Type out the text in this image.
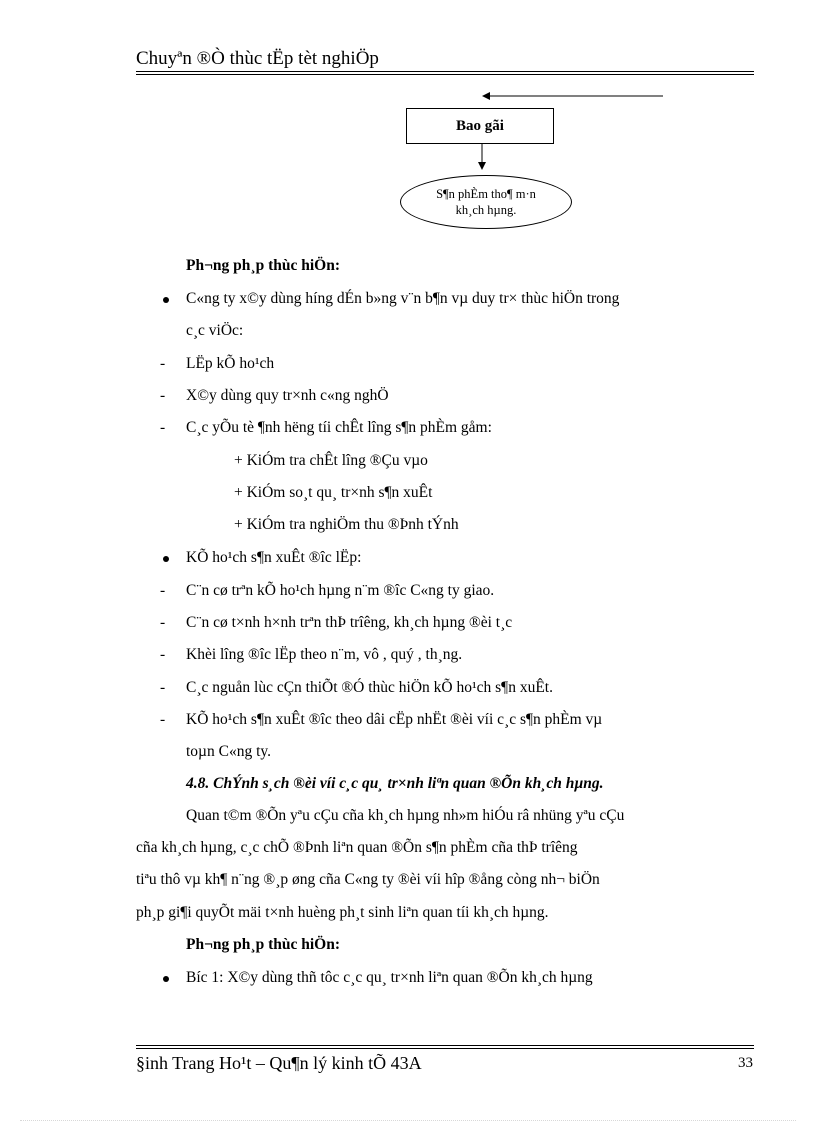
Chuyªn ®Ò thùc tËp tèt nghiÖp
Bao gãi
S¶n phÈm tho¶ m·n kh¸ch hµng.
Ph¬ng ph¸p thùc hiÖn:
C«ng ty x©y dùng híng dÉn b»ng v¨n b¶n vµ duy tr× thùc hiÖn trong
c¸c viÖc:
- LËp kÕ ho¹ch
- X©y dùng quy tr×nh c«ng nghÖ
- C¸c yÕu tè ¶nh hëng tíi chÊt lîng s¶n phÈm gåm:
+ KiÓm tra chÊt lîng ®Çu vµo
+ KiÓm so¸t qu¸ tr×nh s¶n xuÊt
+ KiÓm tra nghiÖm thu ®Þnh tÝnh
KÕ ho¹ch s¶n xuÊt ®îc lËp:
- C¨n cø trªn kÕ ho¹ch hµng n¨m ®îc C«ng ty giao.
- C¨n cø t×nh h×nh trªn thÞ trîêng, kh¸ch hµng ®èi t¸c
- Khèi lîng ®îc lËp theo n¨m, vô , quý , th¸ng.
- C¸c nguån lùc cÇn thiÕt ®Ó thùc hiÖn kÕ ho¹ch s¶n xuÊt.
- KÕ ho¹ch s¶n xuÊt ®îc theo dâi cËp nhËt ®èi víi c¸c s¶n phÈm vµ
toµn C«ng ty.
4.8. ChÝnh s¸ch ®èi víi c¸c qu¸ tr×nh liªn quan ®Õn kh¸ch hµng.
Quan t©m ®Õn yªu cÇu cña kh¸ch hµng nh»m hiÓu râ nhüng yªu cÇu
cña kh¸ch hµng, c¸c chÕ ®Þnh liªn quan ®Õn s¶n phÈm cña thÞ trîêng
tiªu thô vµ kh¶ n¨ng ®¸p øng cña C«ng ty ®èi víi hîp ®ång còng nh¬ biÖn
ph¸p gi¶i quyÕt mäi t×nh huèng ph¸t sinh liªn quan tíi kh¸ch hµng.
Ph¬ng ph¸p thùc hiÖn:
Bíc 1: X©y dùng thñ tôc c¸c qu¸ tr×nh liªn quan ®Õn kh¸ch hµng
§inh Trang Ho¹t – Qu¶n lý kinh tÕ 43A	33
